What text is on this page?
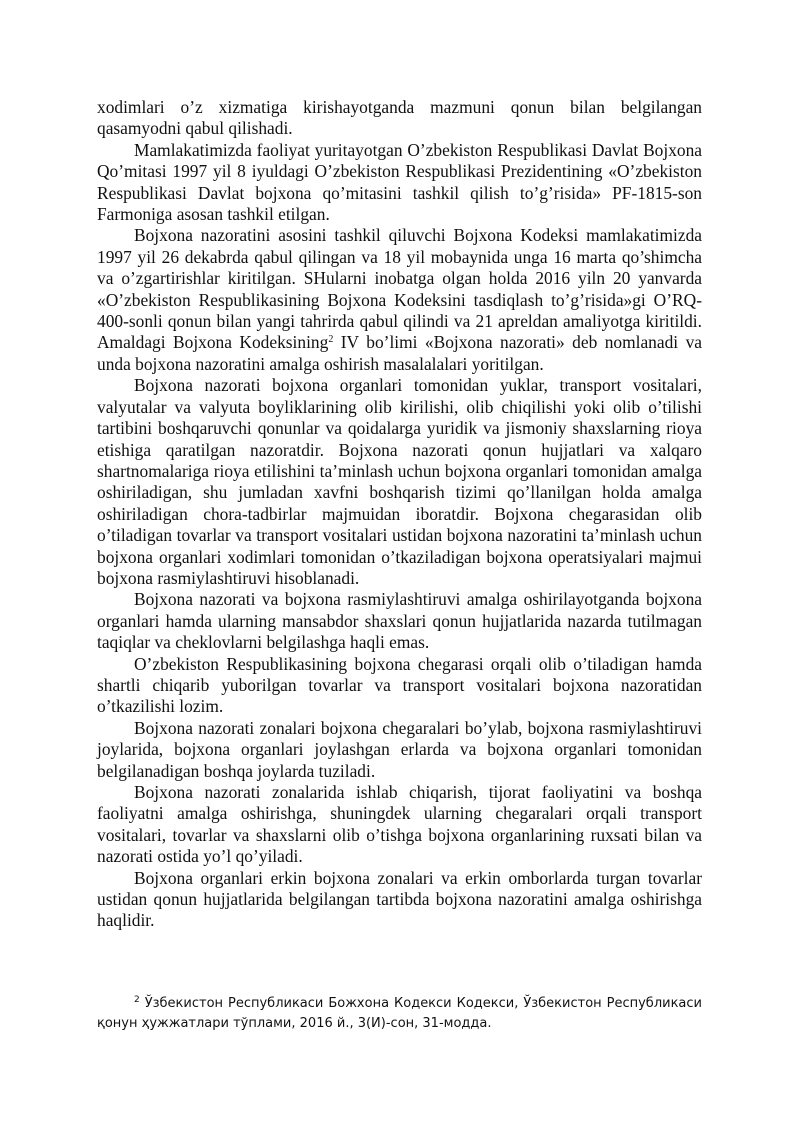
xodimlari o’z xizmatiga kirishayotganda mazmuni qonun bilan belgilangan qasamyodni qabul qilishadi.

Mamlakatimizda faoliyat yuritayotgan O’zbekiston Respublikasi Davlat Bojxona Qo’mitasi 1997 yil 8 iyuldagi O’zbekiston Respublikasi Prezidentining «O’zbekiston Respublikasi Davlat bojxona qo’mitasini tashkil qilish to’g’risida» PF-1815-son Farmoniga asosan tashkil etilgan.

Bojxona nazoratini asosini tashkil qiluvchi Bojxona Kodeksi mamlakatimizda 1997 yil 26 dekabrda qabul qilingan va 18 yil mobaynida unga 16 marta qo’shimcha va o’zgartirishlar kiritilgan. SHularni inobatga olgan holda 2016 yiln 20 yanvarda «O’zbekiston Respublikasining Bojxona Kodeksini tasdiqlash to’g’risida»gi O’RQ-400-sonli qonun bilan yangi tahrirda qabul qilindi va 21 apreldan amaliyotga kiritildi. Amaldagi Bojxona Kodeksining$^2$ IV bo’limi «Bojxona nazorati» deb nomlanadi va unda bojxona nazoratini amalga oshirish masalalalari yoritilgan.

Bojxona nazorati bojxona organlari tomonidan yuklar, transport vositalari, valyutalar va valyuta boyliklarining olib kirilishi, olib chiqilishi yoki olib o’tilishi tartibini boshqaruvchi qonunlar va qoidalarga yuridik va jismoniy shaxslarning rioya etishiga qaratilgan nazoratdir. Bojxona nazorati qonun hujjatlari va xalqaro shartnomalariga rioya etilishini ta’minlash uchun bojxona organlari tomonidan amalga oshiriladigan, shu jumladan xavfni boshqarish tizimi qo’llanilgan holda amalga oshiriladigan chora-tadbirlar majmuidan iboratdir. Bojxona chegarasidan olib o’tiladigan tovarlar va transport vositalari ustidan bojxona nazoratini ta’minlash uchun bojxona organlari xodimlari tomonidan o’tkaziladigan bojxona operatsiyalari majmui bojxona rasmiylashtiruvi hisoblanadi.

Bojxona nazorati va bojxona rasmiylashtiruvi amalga oshirilayotganda bojxona organlari hamda ularning mansabdor shaxslari qonun hujjatlarida nazarda tutilmagan taqiqlar va cheklovlarni belgilashga haqli emas.

O’zbekiston Respublikasining bojxona chegarasi orqali olib o’tiladigan hamda shartli chiqarib yuborilgan tovarlar va transport vositalari bojxona nazoratidan o’tkazilishi lozim.

Bojxona nazorati zonalari bojxona chegaralari bo’ylab, bojxona rasmiylashtiruvi joylarida, bojxona organlari joylashgan erlarda va bojxona organlari tomonidan belgilanadigan boshqa joylarda tuziladi.

Bojxona nazorati zonalarida ishlab chiqarish, tijorat faoliyatini va boshqa faoliyatni amalga oshirishga, shuningdek ularning chegaralari orqali transport vositalari, tovarlar va shaxslarni olib o’tishga bojxona organlarining ruxsati bilan va nazorati ostida yo’l qo’yiladi.

Bojxona organlari erkin bojxona zonalari va erkin omborlarda turgan tovarlar ustidan qonun hujjatlarida belgilangan tartibda bojxona nazoratini amalga oshirishga haqlidir.

$^2$ Ўзбекистон Республикаси Божхона Кодекси Кодекси, Ўзбекистон Республикаси қонун ҳужжатлари тўплами, 2016 й., 3(И)-сон, 31-модда.
